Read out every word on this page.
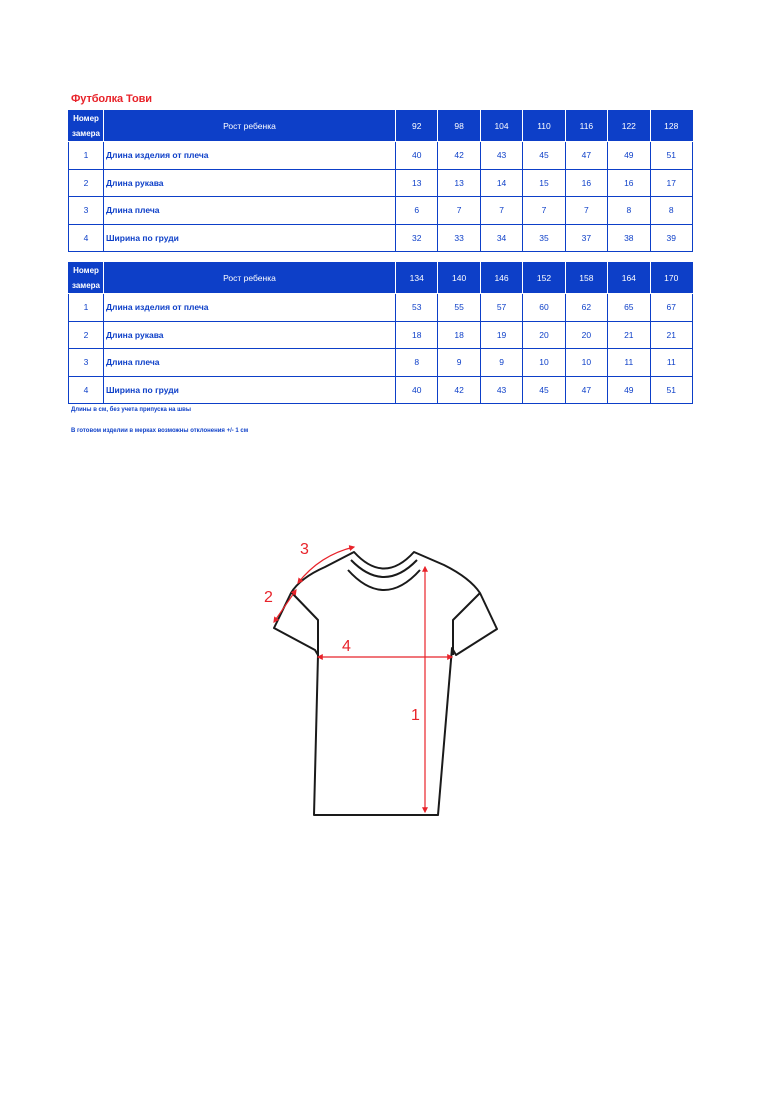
Футболка Тови
Номер замера	Рост ребенка	92	98	104	110	116	122	128
1	Длина изделия от плеча	40	42	43	45	47	49	51
2	Длина рукава	13	13	14	15	16	16	17
3	Длина плеча	6	7	7	7	7	8	8
4	Ширина по груди	32	33	34	35	37	38	39
Номер замера	Рост ребенка	134	140	146	152	158	164	170
1	Длина изделия от плеча	53	55	57	60	62	65	67
2	Длина рукава	18	18	19	20	20	21	21
3	Длина плеча	8	9	9	10	10	11	11
4	Ширина по груди	40	42	43	45	47	49	51
Длины в см, без учета припуска на швы
В готовом изделии в мерках возможны отклонения +/- 1 см
3
2
4
1
